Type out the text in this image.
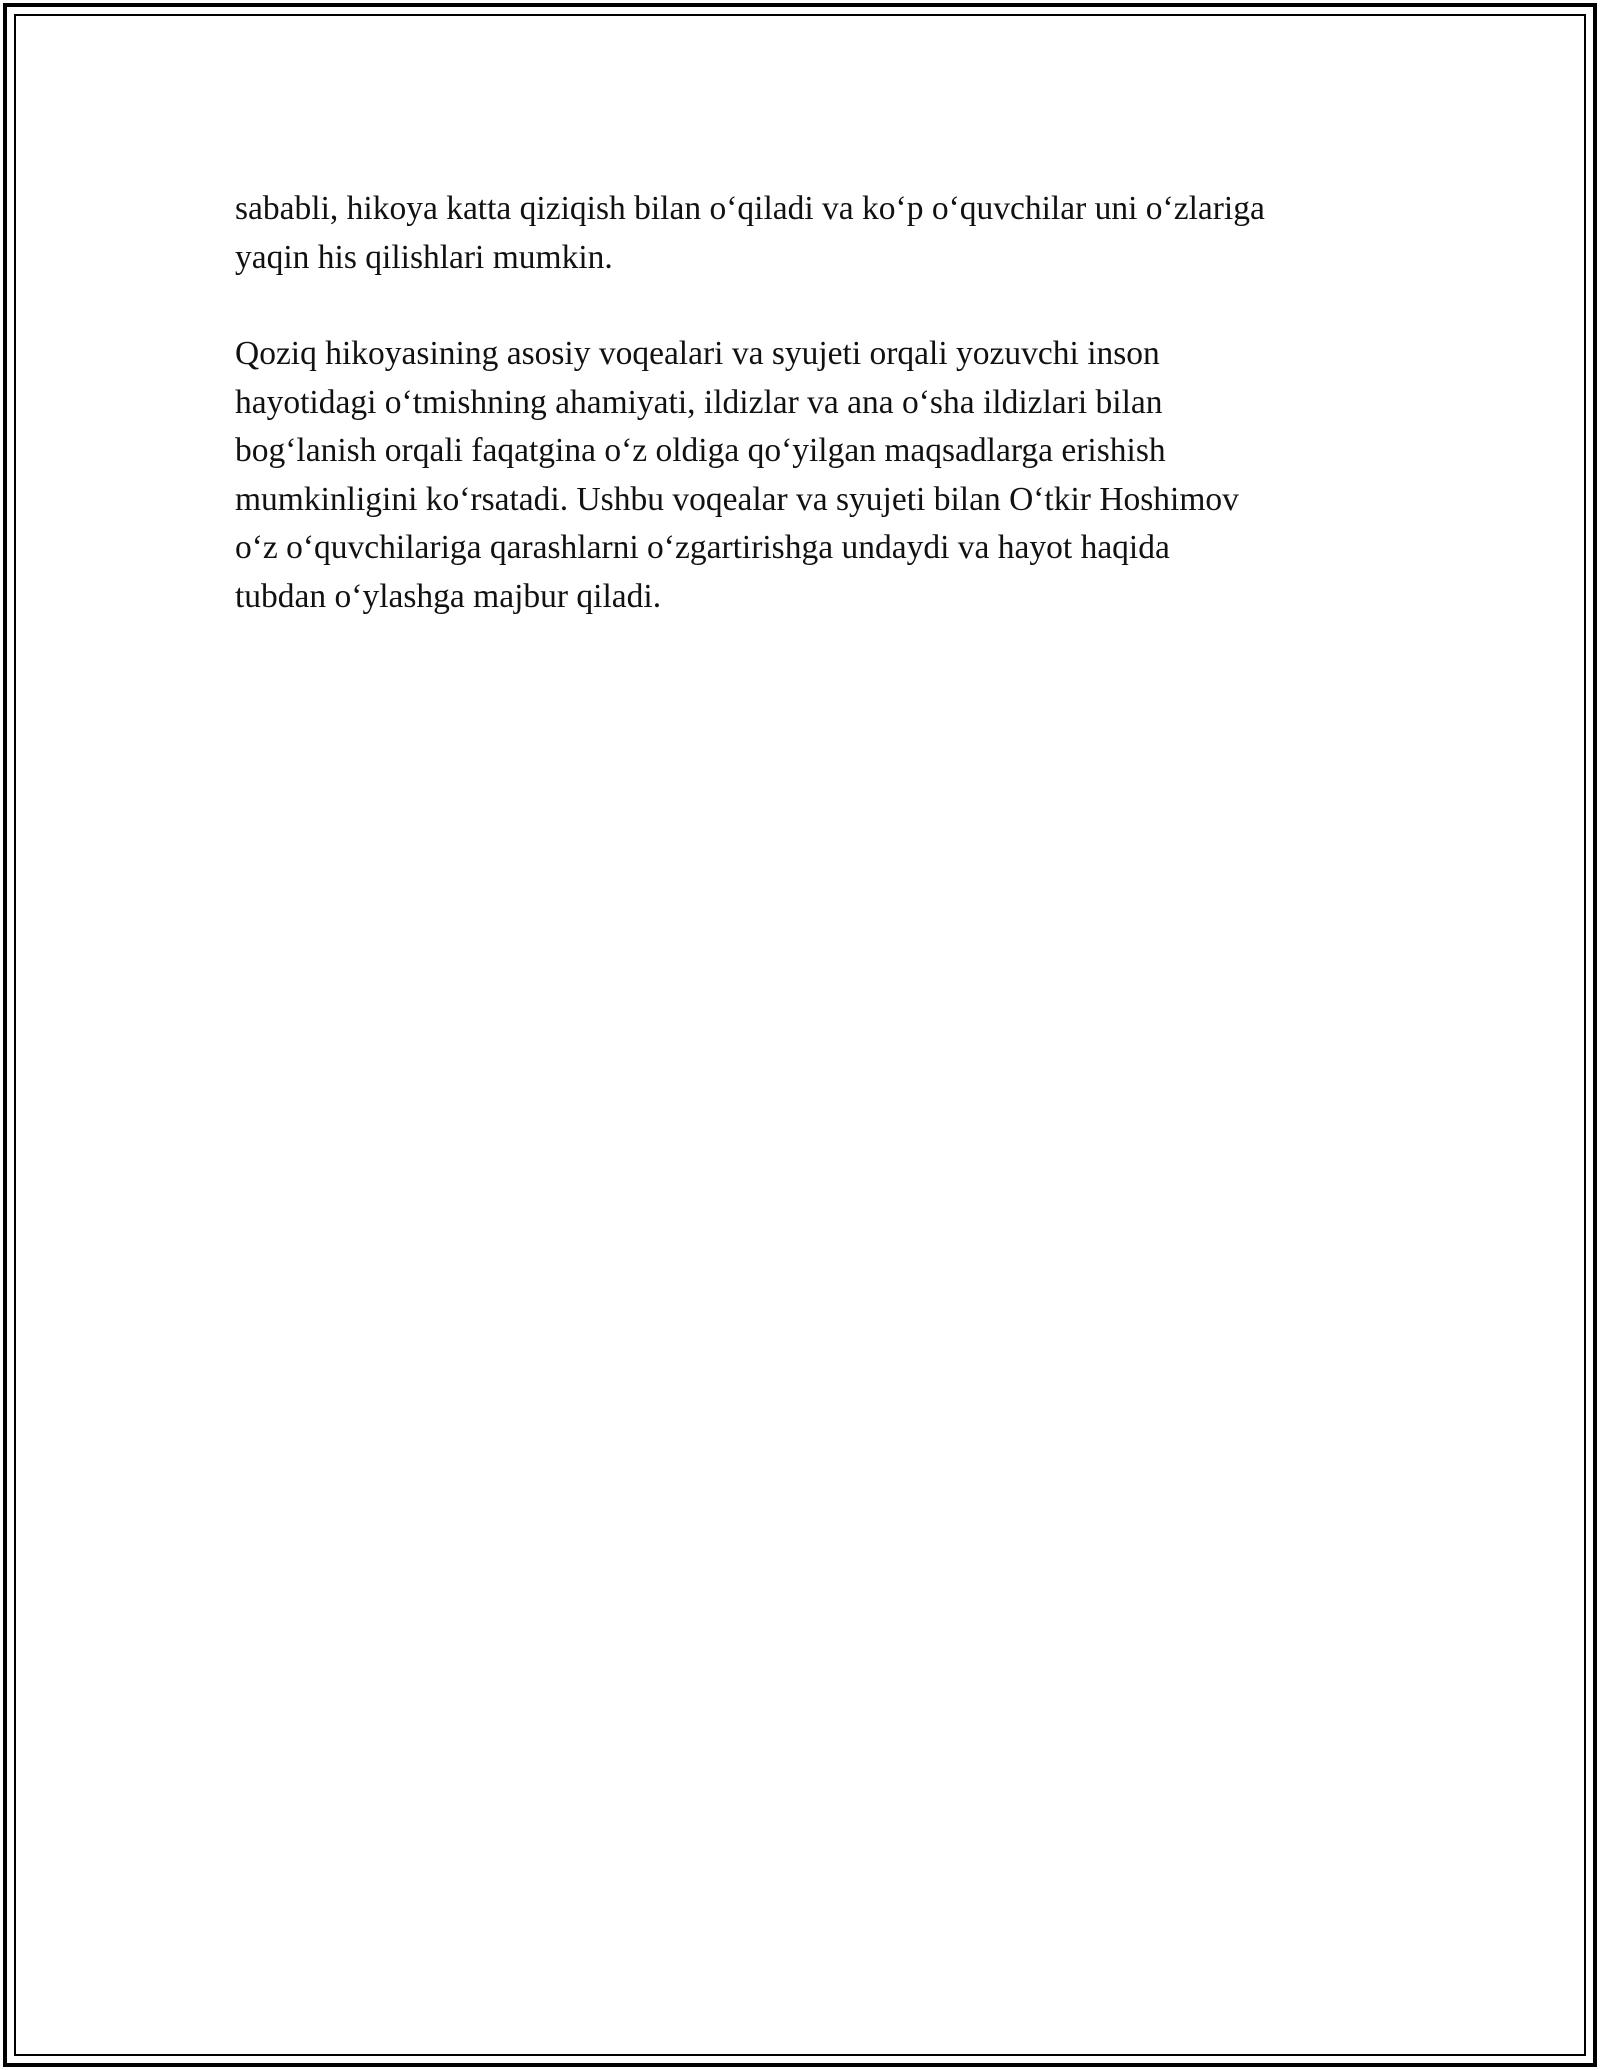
sababli, hikoya katta qiziqish bilan o‘qiladi va ko‘p o‘quvchilar uni o‘zlariga
yaqin his qilishlari mumkin.

Qoziq hikoyasining asosiy voqealari va syujeti orqali yozuvchi inson
hayotidagi o‘tmishning ahamiyati, ildizlar va ana o‘sha ildizlari bilan
bog‘lanish orqali faqatgina o‘z oldiga qo‘yilgan maqsadlarga erishish
mumkinligini ko‘rsatadi. Ushbu voqealar va syujeti bilan O‘tkir Hoshimov
o‘z o‘quvchilariga qarashlarni o‘zgartirishga undaydi va hayot haqida
tubdan o‘ylashga majbur qiladi.
